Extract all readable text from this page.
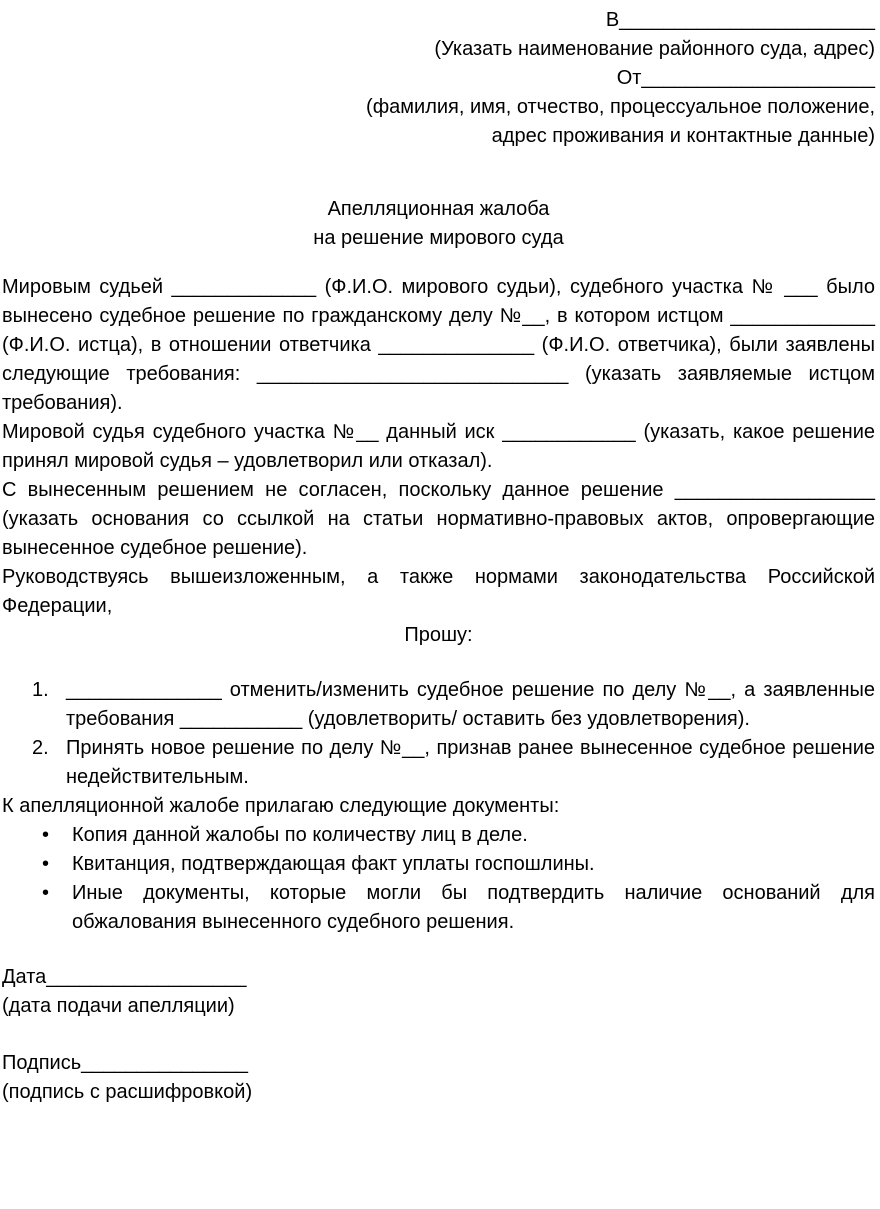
В_______________________
(Указать наименование районного суда, адрес)
От_____________________
(фамилия, имя, отчество, процессуальное положение,
адрес проживания и контактные данные)
Апелляционная жалоба
на решение мирового суда

Мировым судьей _____________ (Ф.И.О. мирового судьи), судебного участка № ___ было вынесено судебное решение по гражданскому делу №__, в котором истцом _____________ (Ф.И.О. истца), в отношении ответчика ______________ (Ф.И.О. ответчика), были заявлены следующие требования: ____________________________ (указать заявляемые истцом требования).

Мировой судья судебного участка №__ данный иск ____________ (указать, какое решение принял мировой судья – удовлетворил или отказал).

С вынесенным решением не согласен, поскольку данное решение __________________ (указать основания со ссылкой на статьи нормативно-правовых актов, опровергающие вынесенное судебное решение).

Руководствуясь вышеизложенным, а также нормами законодательства Российской Федерации,

Прошу:

1. ______________ отменить/изменить судебное решение по делу №__, а заявленные требования ___________ (удовлетворить/ оставить без удовлетворения).
2. Принять новое решение по делу №__, признав ранее вынесенное судебное решение недействительным.

К апелляционной жалобе прилагаю следующие документы:

• Копия данной жалобы по количеству лиц в деле.
• Квитанция, подтверждающая факт уплаты госпошлины.
• Иные документы, которые могли бы подтвердить наличие оснований для обжалования вынесенного судебного решения.
Дата__________________
(дата подачи апелляции)
Подпись_______________
(подпись с расшифровкой)
